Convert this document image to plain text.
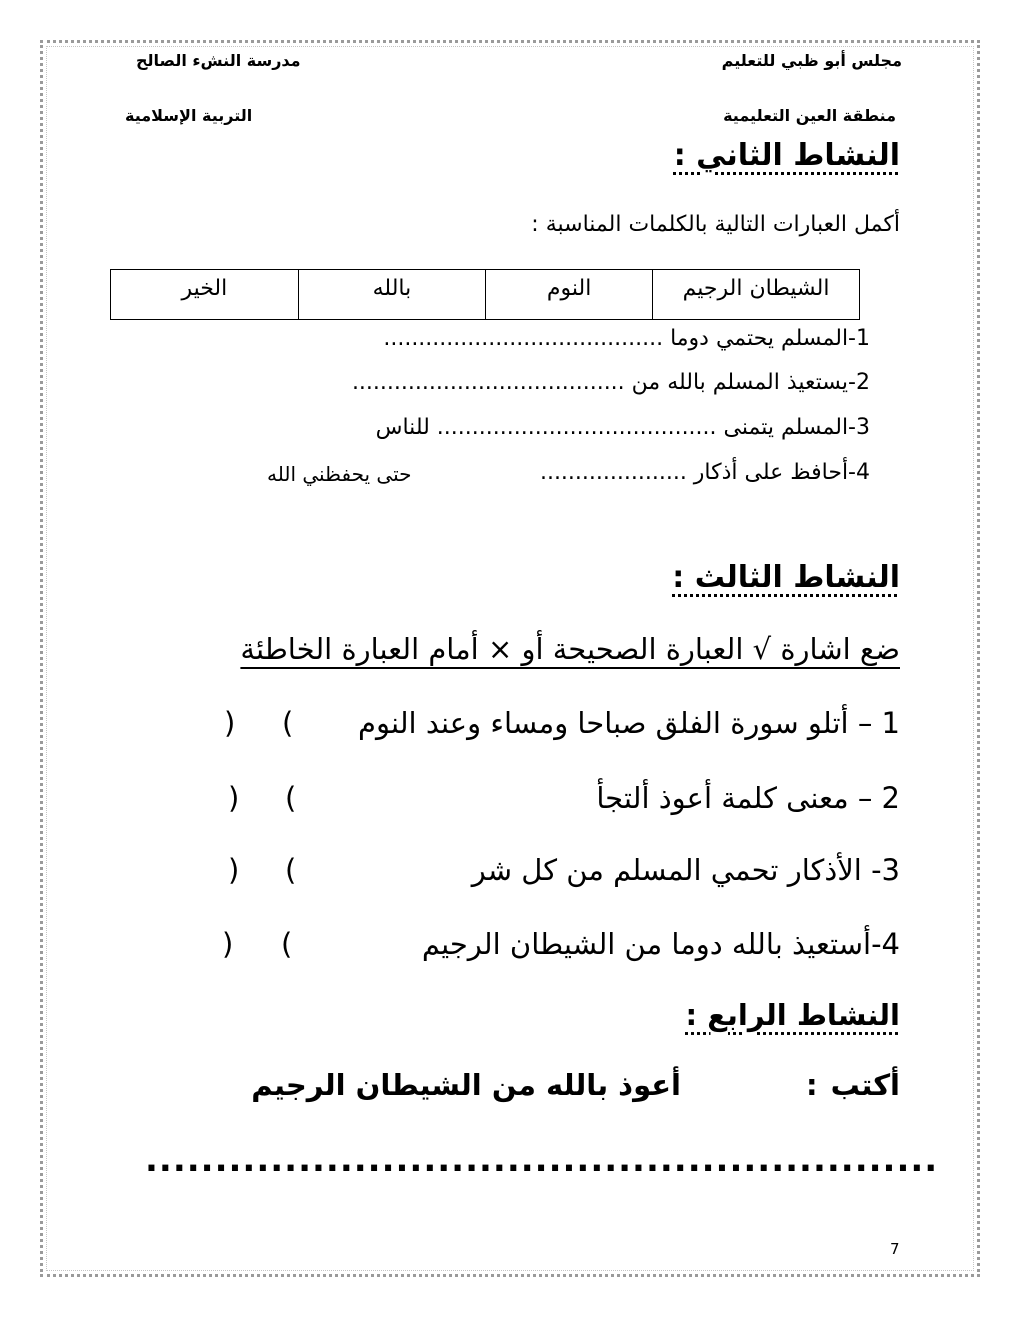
مجلس أبو ظبي للتعليم
مدرسة النشء الصالح
منطقة العين التعليمية
التربية الإسلامية
النشاط الثاني :
أكمل العبارات التالية بالكلمات المناسبة :
الشيطان الرجيم	النوم	بالله	الخير
1-المسلم يحتمي دوما ........................................
2-يستعيذ المسلم بالله من .......................................
3-المسلم يتمنى ........................................ للناس
4-أحافظ على أذكار .....................
حتى يحفظني الله
النشاط الثالث :
ضع اشارة √ العبارة الصحيحة أو × أمام العبارة الخاطئة
1 – أتلو سورة الفلق صباحا ومساء وعند النوم
(
)
2 – معنى كلمة أعوذ ألتجأ
(
)
3- الأذكار تحمي المسلم من كل شر
(
)
4-أستعيذ بالله دوما من الشيطان الرجيم
(
)
النشاط الرابع :
أكتب
:
أعوذ بالله من الشيطان الرجيم
.........................................................
7
